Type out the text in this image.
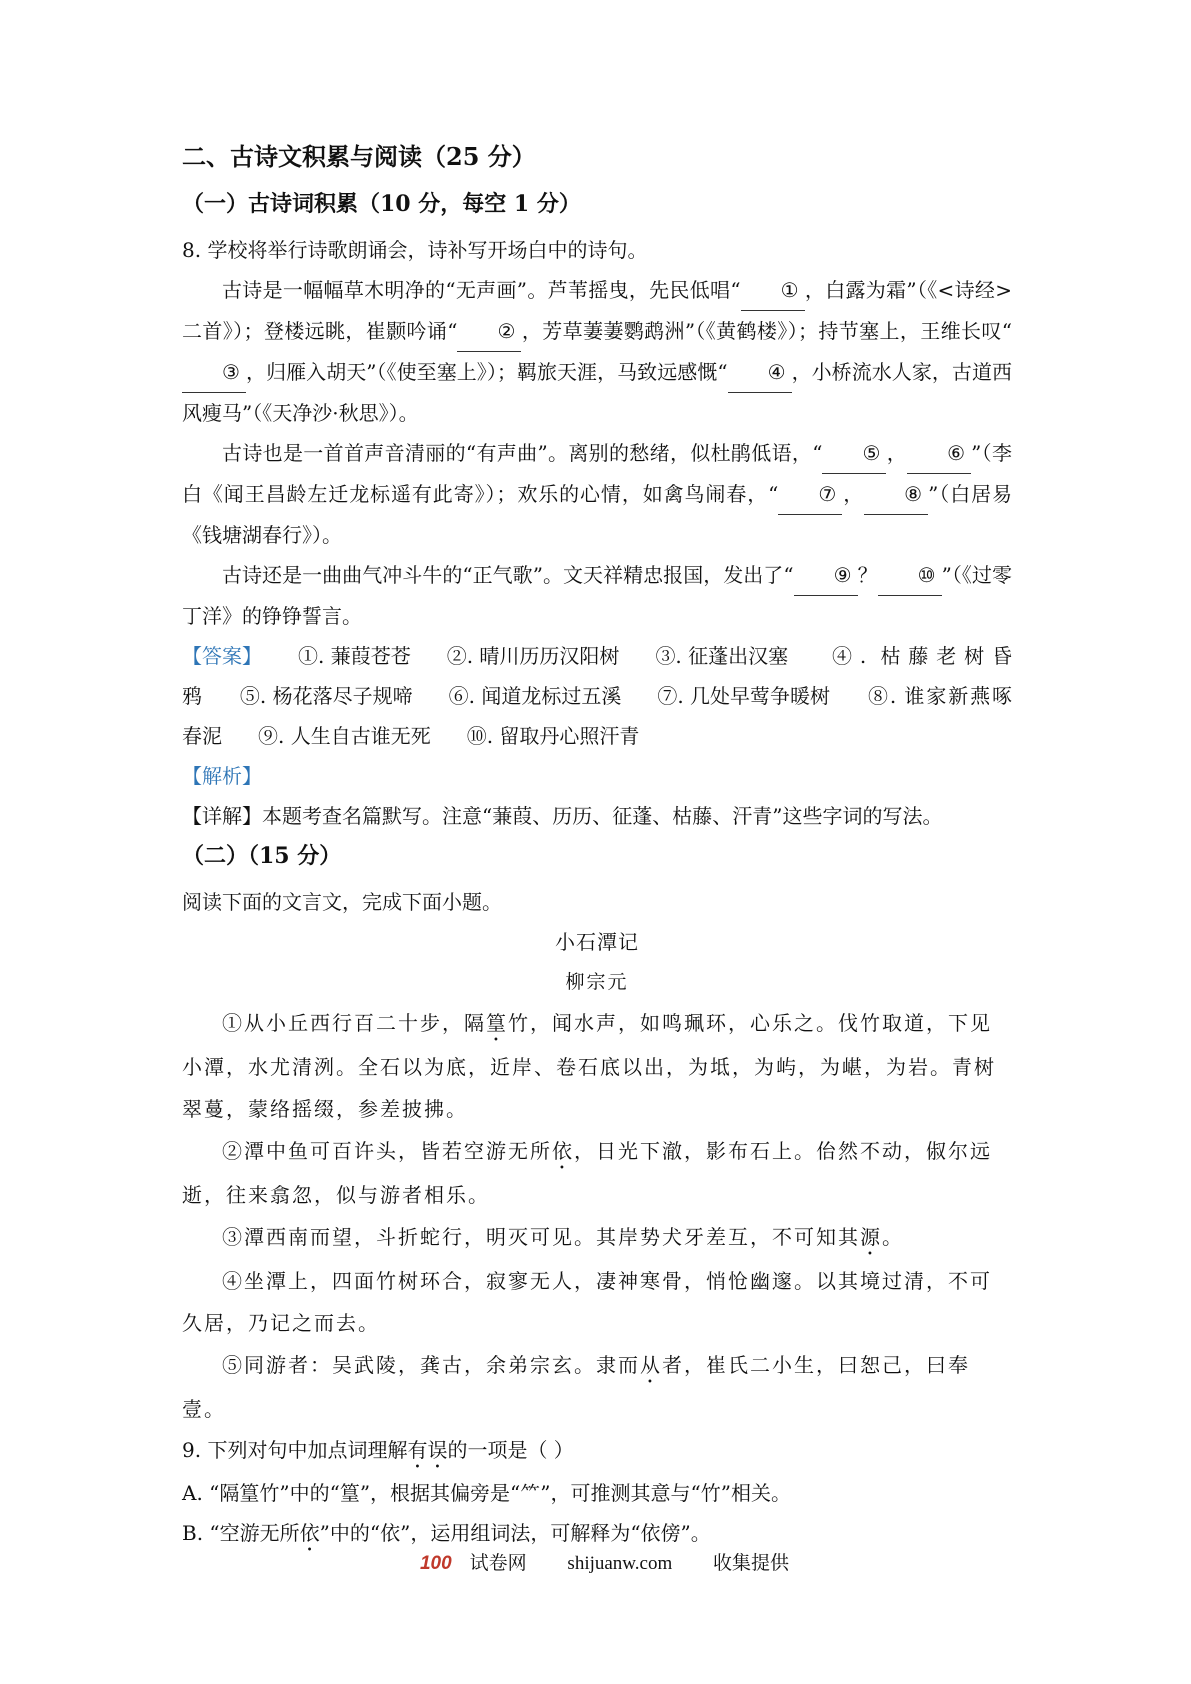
二、古诗文积累与阅读（25 分）
（一）古诗词积累（10 分，每空 1 分）

8. 学校将举行诗歌朗诵会，诗补写开场白中的诗句。

古诗是一幅幅草木明净的“无声画”。芦苇摇曳，先民低唱“ ① ，白露为霜”（《<诗经>二首》）；登楼远眺，崔颢吟诵“ ② ，芳草萋萋鹦鹉洲”（《黄鹤楼》）；持节塞上，王维长叹“③ ，归雁入胡天”（《使至塞上》）；羁旅天涯，马致远感慨“ ④ ，小桥流水人家，古道西风瘦马”（《天净沙·秋思》）。

古诗也是一首首声音清丽的“有声曲”。离别的愁绪，似杜鹃低语，“ ⑤ ， ⑥ ”（李白《闻王昌龄左迁龙标遥有此寄》）；欢乐的心情，如禽鸟闹春，“ ⑦ ， ⑧ ”（白居易《钱塘湖春行》）。

古诗还是一曲曲气冲斗牛的“正气歌”。文天祥精忠报国，发出了“ ⑨ ？ ⑩ ”（《过零丁洋》的铮铮誓言。

【答案】 ①. 蒹葭苍苍 ②. 晴川历历汉阳树 ③. 征蓬出汉塞 ④. 枯藤老树昏鸦 ⑤. 杨花落尽子规啼 ⑥. 闻道龙标过五溪 ⑦. 几处早莺争暖树 ⑧. 谁家新燕啄春泥 ⑨. 人生自古谁无死 ⑩. 留取丹心照汗青

【解析】

【详解】本题考查名篇默写。注意“蒹葭、历历、征蓬、枯藤、汗青”这些字词的写法。

（二）（15 分）

阅读下面的文言文，完成下面小题。

小石潭记
柳宗元

①从小丘西行百二十步，隔篁竹，闻水声，如鸣珮环，心乐之。伐竹取道，下见小潭，水尤清洌。全石以为底，近岸、卷石底以出，为坻，为屿，为嵁，为岩。青树翠蔓，蒙络摇缀，参差披拂。

②潭中鱼可百许头，皆若空游无所依，日光下澈，影布石上。佁然不动，俶尔远逝，往来翕忽，似与游者相乐。

③潭西南而望，斗折蛇行，明灭可见。其岸势犬牙差互，不可知其源。

④坐潭上，四面竹树环合，寂寥无人，凄神寒骨，悄怆幽邃。以其境过清，不可久居，乃记之而去。

⑤同游者：吴武陵，龚古，余弟宗玄。隶而从者，崔氏二小生，曰恕己，曰奉壹。

9. 下列对句中加点词理解有误的一项是（ ）

A. “隔篁竹”中的“篁”，根据其偏旁是“⺮”，可推测其意与“竹”相关。

B. “空游无所依”中的“依”，运用组词法，可解释为“依傍”。

100 试卷网 shijuanw.com 收集提供
